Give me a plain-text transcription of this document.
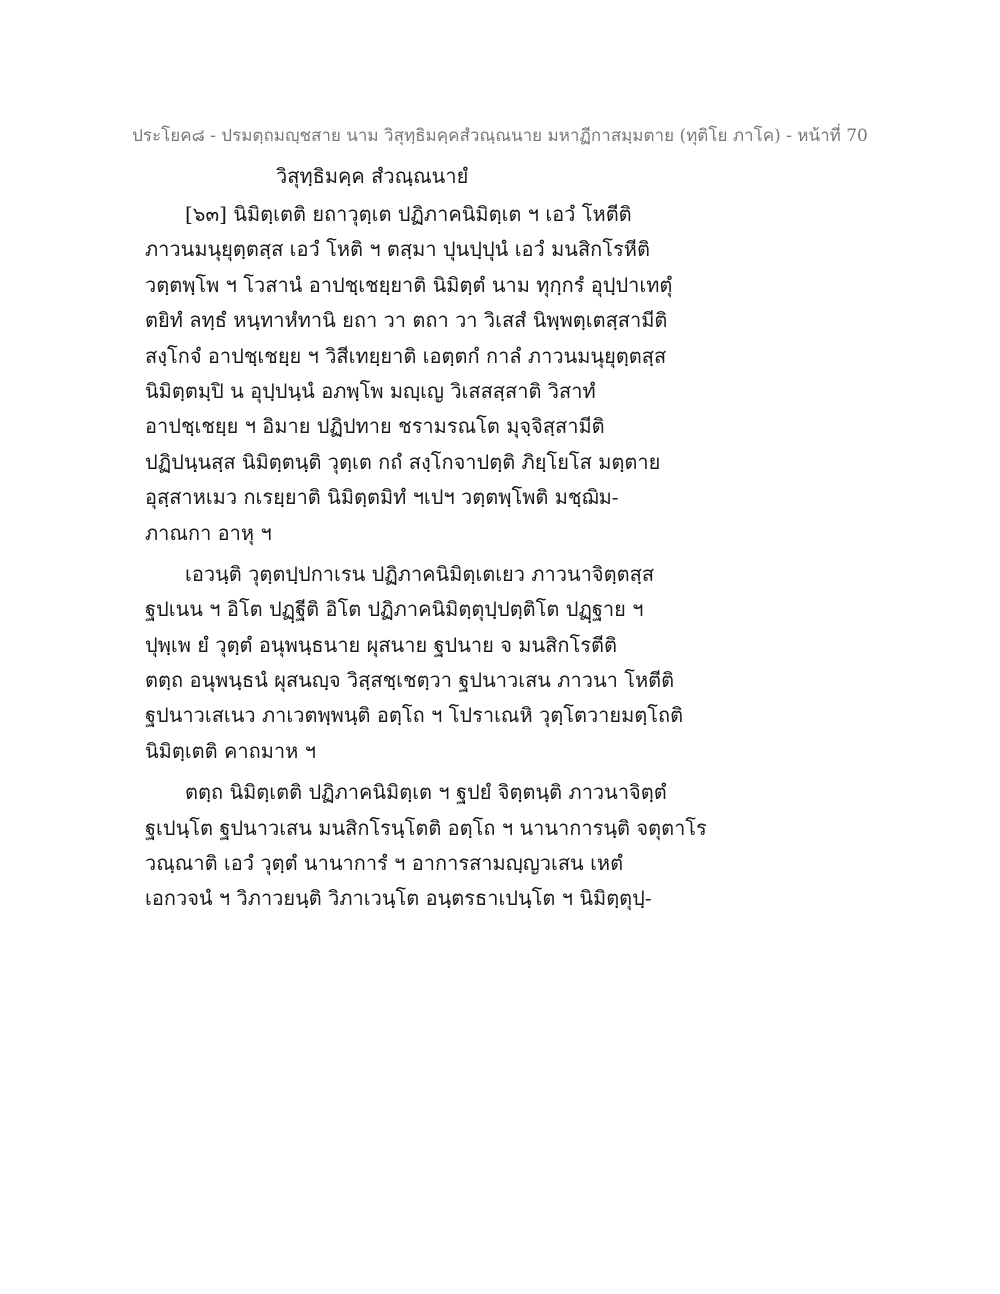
ประโยค๘ - ปรมตฺถมญฺชสาย นาม วิสุทฺธิมคฺคสํวณฺณนาย มหาฏีกาสมฺมตาย (ทุติโย ภาโค) - หน้าที่ 70
วิสุทฺธิมคฺค สํวณฺณนายํ
[๖๓] นิมิตฺเตติ ยถาวุตฺเต ปฏิภาคนิมิตฺเต ฯ เอวํ โหตีติ
ภาวนมนุยุตฺตสฺส เอวํ โหติ ฯ ตสฺมา ปุนปฺปุนํ เอวํ มนสิกโรหีติ
วตฺตพฺโพ ฯ โวสานํ อาปชฺเชยฺยาติ นิมิตฺตํ นาม ทุกฺกรํ อุปฺปาเทตุํ
ตยิทํ ลทฺธํ หนฺทาหํทานิ ยถา วา ตถา วา วิเสสํ นิพฺพตฺเตสฺสามีติ
สงฺโกจํ อาปชฺเชยฺย ฯ วิสีเทยฺยาติ เอตฺตกํ กาลํ ภาวนมนุยุตฺตสฺส
นิมิตฺตมฺปิ น อุปฺปนฺนํ อภพฺโพ มญฺเญ วิเสสสฺสาติ วิสาทํ
อาปชฺเชยฺย ฯ อิมาย ปฏิปทาย ชรามรณโต มุจฺจิสฺสามีติ
ปฏิปนฺนสฺส นิมิตฺตนฺติ วุตฺเต กถํ สงฺโกจาปตฺติ ภิยฺโยโส มตฺตาย
อุสฺสาหเมว กเรยฺยาติ นิมิตฺตมิทํ ฯเปฯ วตฺตพฺโพติ มชฺฌิม-
ภาณกา อาหุ ฯ
เอวนฺติ วุตฺตปฺปกาเรน ปฏิภาคนิมิตฺเตเยว ภาวนาจิตฺตสฺส
ฐปเนน ฯ อิโต ปฏฺฐีติ อิโต ปฏิภาคนิมิตฺตุปฺปตฺติโต ปฏฺฐาย ฯ
ปุพฺเพ ยํ วุตฺตํ อนุพนฺธนาย ผุสนาย ฐปนาย จ มนสิกโรตีติ
ตตฺถ อนุพนฺธนํ ผุสนญฺจ วิสฺสชฺเชตฺวา ฐปนาวเสน ภาวนา โหตีติ
ฐปนาวเสเนว ภาเวตพฺพนฺติ อตฺโถ ฯ โปราเณหิ วุตฺโตวายมตฺโถติ
นิมิตฺเตติ คาถมาห ฯ
ตตฺถ นิมิตฺเตติ ปฏิภาคนิมิตฺเต ฯ ฐปยํ จิตฺตนฺติ ภาวนาจิตฺตํ
ฐเปนฺโต ฐปนาวเสน มนสิกโรนฺโตติ อตฺโถ ฯ นานาการนฺติ จตุตาโร
วณฺณาติ เอวํ วุตฺตํ นานาการํ ฯ อาการสามญฺญวเสน เหตํ
เอกวจนํ ฯ วิภาวยนฺติ วิภาเวนฺโต อนฺตรธาเปนฺโต ฯ นิมิตฺตุปฺ-
